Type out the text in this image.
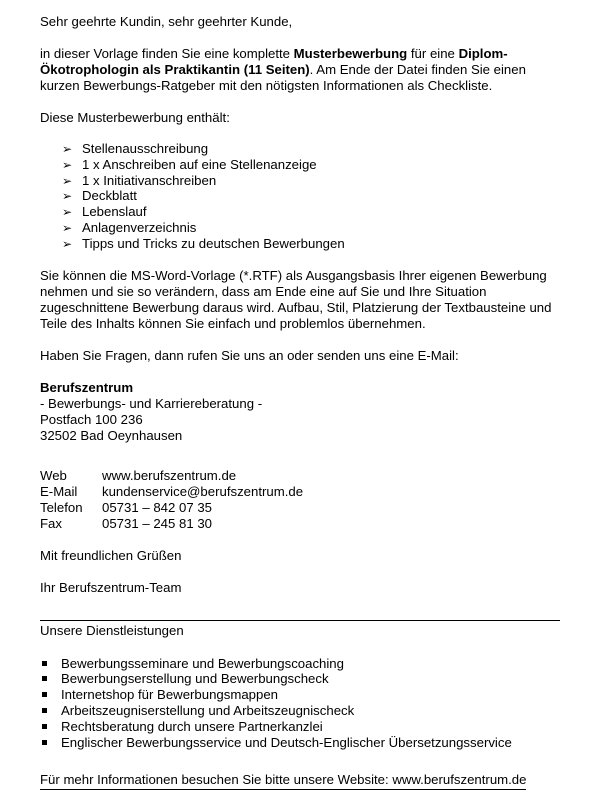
Sehr geehrte Kundin, sehr geehrter Kunde,

in dieser Vorlage finden Sie eine komplette Musterbewerbung für eine Diplom-Ökotrophologin als Praktikantin (11 Seiten). Am Ende der Datei finden Sie einen kurzen Bewerbungs-Ratgeber mit den nötigsten Informationen als Checkliste.

Diese Musterbewerbung enthält:

➢ Stellenausschreibung
➢ 1 x Anschreiben auf eine Stellenanzeige
➢ 1 x Initiativanschreiben
➢ Deckblatt
➢ Lebenslauf
➢ Anlagenverzeichnis
➢ Tipps und Tricks zu deutschen Bewerbungen

Sie können die MS-Word-Vorlage (*.RTF) als Ausgangsbasis Ihrer eigenen Bewerbung nehmen und sie so verändern, dass am Ende eine auf Sie und Ihre Situation zugeschnittene Bewerbung daraus wird. Aufbau, Stil, Platzierung der Textbausteine und Teile des Inhalts können Sie einfach und problemlos übernehmen.

Haben Sie Fragen, dann rufen Sie uns an oder senden uns eine E-Mail:

Berufszentrum

- Bewerbungs- und Karriereberatung -

Postfach 100 236

32502 Bad Oeynhausen

Web	www.berufszentrum.de
E-Mail	kundenservice@berufszentrum.de
Telefon	05731 – 842 07 35
Fax	05731 – 245 81 30

Mit freundlichen Grüßen

Ihr Berufszentrum-Team

Unsere Dienstleistungen

Bewerbungsseminare und Bewerbungscoaching
Bewerbungserstellung und Bewerbungscheck
Internetshop für Bewerbungsmappen
Arbeitszeugniserstellung und Arbeitszeugnischeck
Rechtsberatung durch unsere Partnerkanzlei
Englischer Bewerbungsservice und Deutsch-Englischer Übersetzungsservice

Für mehr Informationen besuchen Sie bitte unsere Website: www.berufszentrum.de
